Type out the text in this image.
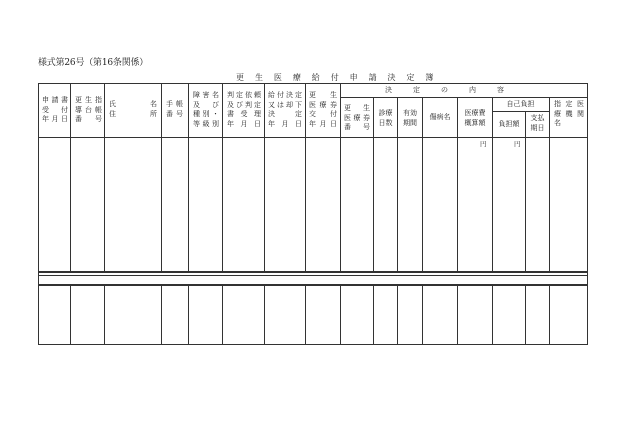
様式第26号（第16条関係）
更 生 医 療 給 付 申 請 決 定 簿
申請書
受 付
年月日
更生指
導台帳
番 号
氏　　　　名
住　　　　所
手帳
番号
障害名
及 び
種別・
等級別
判定依頼
及び判定
書 受 理
年 月 日
給付決定
又は却下
決　 定
年 月 日
更　生
医療券
交 付
年月日
決　　　定　　　の　　　内　　　容
更　生
医療券
番　号
診療
日数
有効
期間
傷病名	医療費
概算額
自己負担
負担額
支払
期日
指 定 医
療 機 関
名
円	円
